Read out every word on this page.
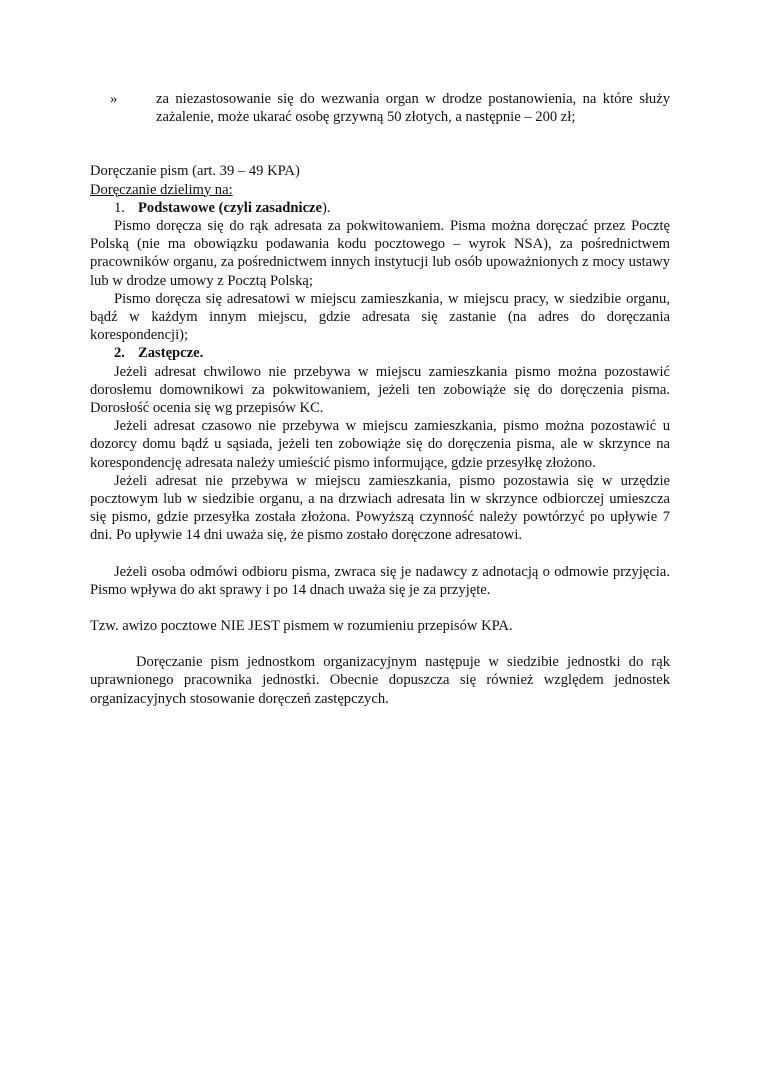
»	za niezastosowanie się do wezwania organ w drodze postanowienia, na które służy zażalenie, może ukarać osobę grzywną 50 złotych, a następnie – 200 zł;

Doręczanie pism (art. 39 – 49 KPA)

Doręczanie dzielimy na:

1. Podstawowe (czyli zasadnicze).

Pismo doręcza się do rąk adresata za pokwitowaniem. Pisma można doręczać przez Pocztę Polską (nie ma obowiązku podawania kodu pocztowego – wyrok NSA), za pośrednictwem pracowników organu, za pośrednictwem innych instytucji lub osób upoważnionych z mocy ustawy lub w drodze umowy z Pocztą Polską;

Pismo doręcza się adresatowi w miejscu zamieszkania, w miejscu pracy, w siedzibie organu, bądź w każdym innym miejscu, gdzie adresata się zastanie (na adres do doręczania korespondencji);

2. Zastępcze.

Jeżeli adresat chwilowo nie przebywa w miejscu zamieszkania pismo można pozostawić dorosłemu domownikowi za pokwitowaniem, jeżeli ten zobowiąże się do doręczenia pisma. Dorosłość ocenia się wg przepisów KC.

Jeżeli adresat czasowo nie przebywa w miejscu zamieszkania, pismo można pozostawić u dozorcy domu bądź u sąsiada, jeżeli ten zobowiąże się do doręczenia pisma, ale w skrzynce na korespondencję adresata należy umieścić pismo informujące, gdzie przesyłkę złożono.

Jeżeli adresat nie przebywa w miejscu zamieszkania, pismo pozostawia się w urzędzie pocztowym lub w siedzibie organu, a na drzwiach adresata lin w skrzynce odbiorczej umieszcza się pismo, gdzie przesyłka została złożona. Powyższą czynność należy powtórzyć po upływie 7 dni. Po upływie 14 dni uważa się, że pismo zostało doręczone adresatowi.

Jeżeli osoba odmówi odbioru pisma, zwraca się je nadawcy z adnotacją o odmowie przyjęcia. Pismo wpływa do akt sprawy i po 14 dnach uważa się je za przyjęte.

Tzw. awizo pocztowe NIE JEST pismem w rozumieniu przepisów KPA.

Doręczanie pism jednostkom organizacyjnym następuje w siedzibie jednostki do rąk uprawnionego pracownika jednostki. Obecnie dopuszcza się również względem jednostek organizacyjnych stosowanie doręczeń zastępczych.
